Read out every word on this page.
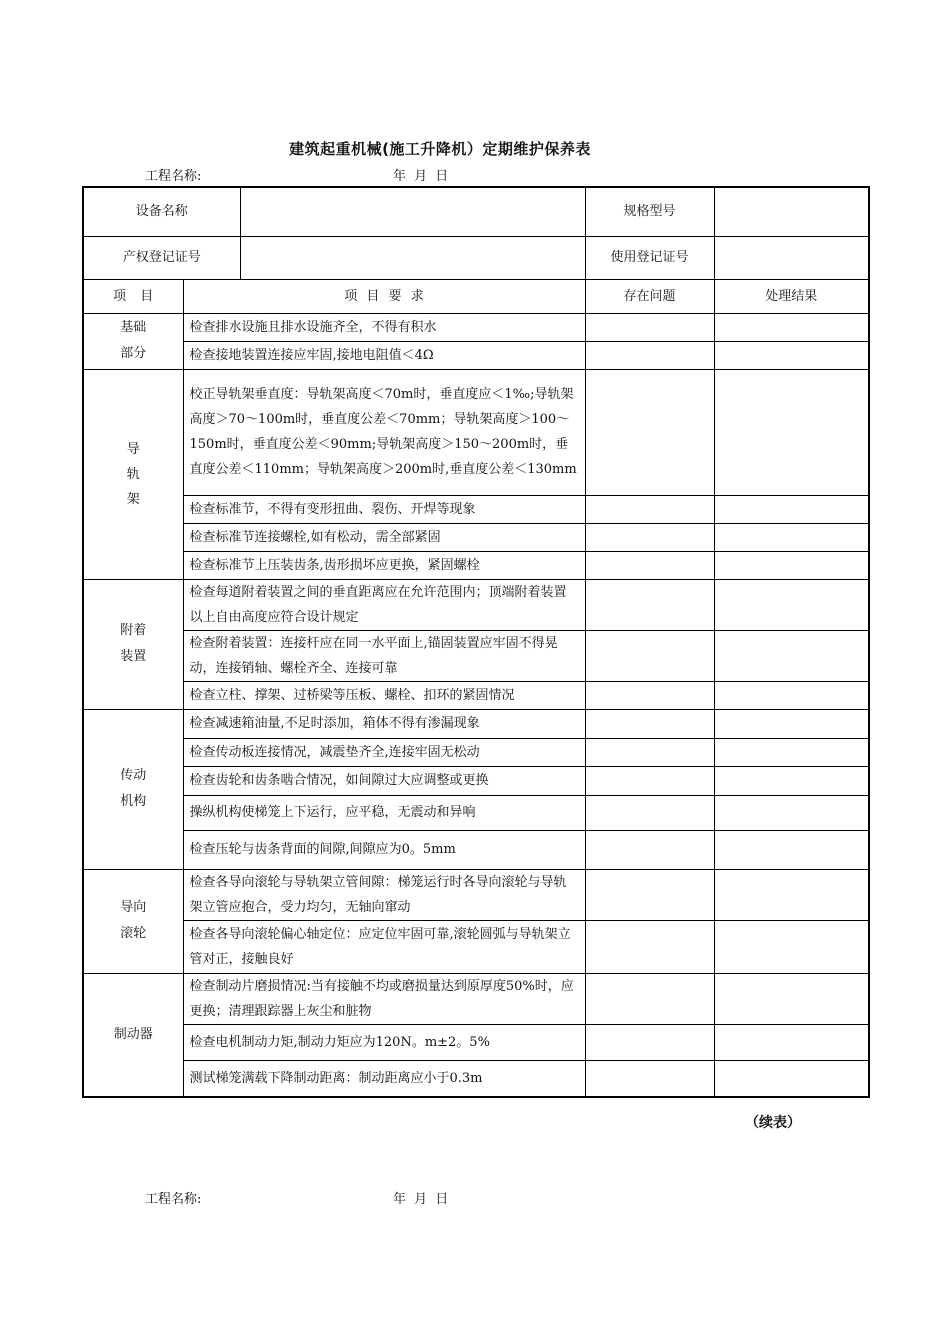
建筑起重机械(施工升降机）定期维护保养表
工程名称:	年 月 日
设备名称			规格型号	
产权登记证号			使用登记证号	
项 目	项 目 要 求		存在问题	处理结果

基础
部分	检查排水设施且排水设施齐全，不得有积水			
	检查接地装置连接应牢固,接地电阻值＜4Ω			

导
轨
架	校正导轨架垂直度：导轨架高度＜70m时，垂直度应＜1‰;导轨架高度＞70～100m时，垂直度公差＜70mm；导轨架高度＞100～150m时，垂直度公差＜90mm;导轨架高度＞150～200m时，垂直度公差＜110mm；导轨架高度＞200m时,垂直度公差＜130mm			
	检查标准节，不得有变形扭曲、裂伤、开焊等现象			
	检查标准节连接螺栓,如有松动，需全部紧固			
	检查标准节上压装齿条,齿形损坏应更换，紧固螺栓			

附着
装置	检查每道附着装置之间的垂直距离应在允许范围内；顶端附着装置以上自由高度应符合设计规定			
	检查附着装置：连接杆应在同一水平面上,锚固装置应牢固不得晃动，连接销轴、螺栓齐全、连接可靠			
	检查立柱、撑架、过桥梁等压板、螺栓、扣环的紧固情况			

传动
机构	检查减速箱油量,不足时添加，箱体不得有渗漏现象			
	检查传动板连接情况，减震垫齐全,连接牢固无松动			
	检查齿轮和齿条啮合情况，如间隙过大应调整或更换			
	操纵机构使梯笼上下运行，应平稳，无震动和异响			
	检查压轮与齿条背面的间隙,间隙应为0。5mm			

导向
滚轮	检查各导向滚轮与导轨架立管间隙：梯笼运行时各导向滚轮与导轨架立管应抱合，受力均匀，无轴向窜动			
	检查各导向滚轮偏心轴定位：应定位牢固可靠,滚轮圆弧与导轨架立管对正，接触良好			

制动器	检查制动片磨损情况:当有接触不均或磨损量达到原厚度50%时，应更换；清理跟踪器上灰尘和脏物			
	检查电机制动力矩,制动力矩应为120N。m±2。5%			
	测试梯笼满载下降制动距离：制动距离应小于0.3m			
（续表）
工程名称:	年 月 日
